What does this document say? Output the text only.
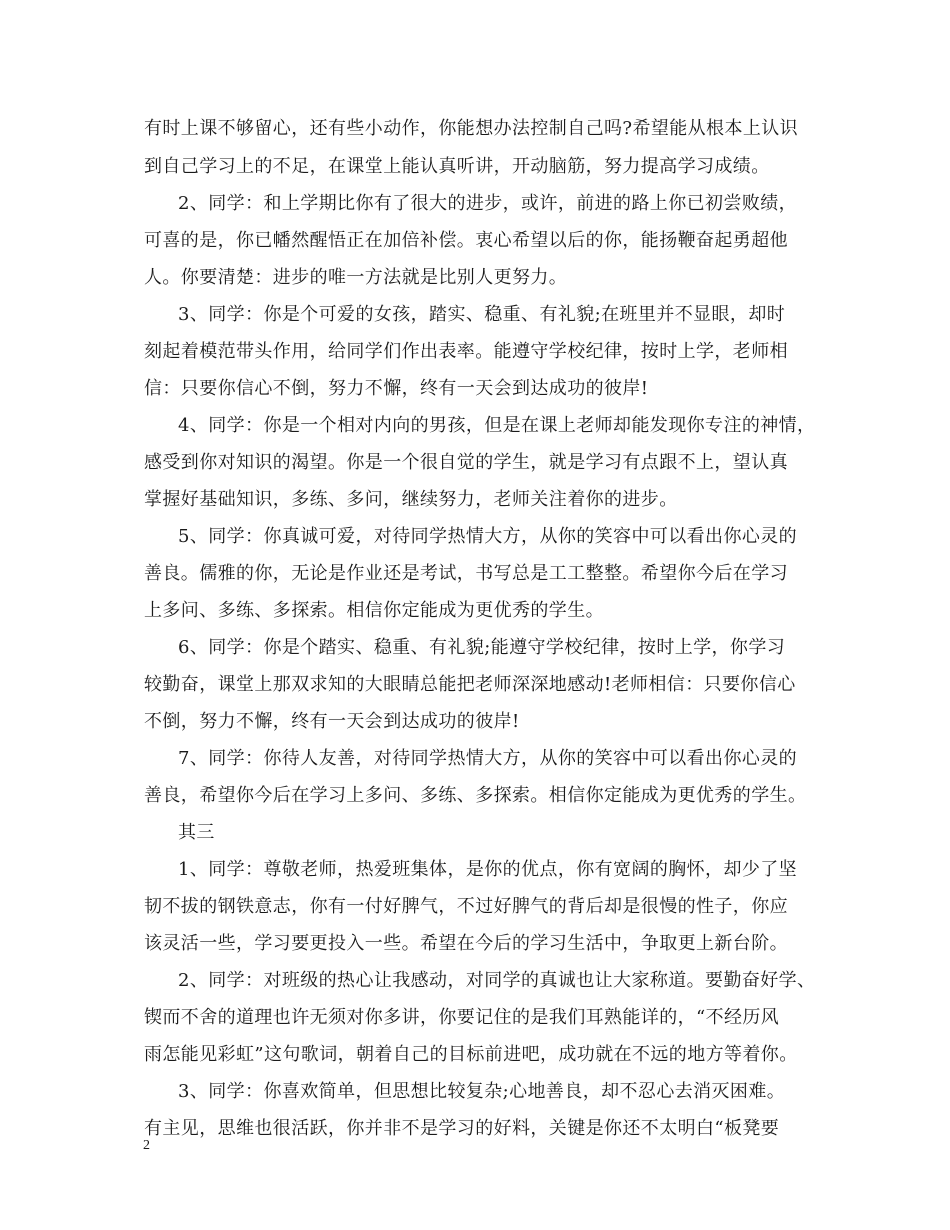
有时上课不够留心，还有些小动作，你能想办法控制自己吗?希望能从根本上认识
到自己学习上的不足，在课堂上能认真听讲，开动脑筋，努力提高学习成绩。
2、同学：和上学期比你有了很大的进步，或许，前进的路上你已初尝败绩，
可喜的是，你已幡然醒悟正在加倍补偿。衷心希望以后的你，能扬鞭奋起勇超他
人。你要清楚：进步的唯一方法就是比别人更努力。
3、同学：你是个可爱的女孩，踏实、稳重、有礼貌;在班里并不显眼，却时
刻起着模范带头作用，给同学们作出表率。能遵守学校纪律，按时上学，老师相
信：只要你信心不倒，努力不懈，终有一天会到达成功的彼岸!
4、同学：你是一个相对内向的男孩，但是在课上老师却能发现你专注的神情，
感受到你对知识的渴望。你是一个很自觉的学生，就是学习有点跟不上，望认真
掌握好基础知识，多练、多问，继续努力，老师关注着你的进步。
5、同学：你真诚可爱，对待同学热情大方，从你的笑容中可以看出你心灵的
善良。儒雅的你，无论是作业还是考试，书写总是工工整整。希望你今后在学习
上多问、多练、多探索。相信你定能成为更优秀的学生。
6、同学：你是个踏实、稳重、有礼貌;能遵守学校纪律，按时上学，你学习
较勤奋，课堂上那双求知的大眼睛总能把老师深深地感动!老师相信：只要你信心
不倒，努力不懈，终有一天会到达成功的彼岸!
7、同学：你待人友善，对待同学热情大方，从你的笑容中可以看出你心灵的
善良，希望你今后在学习上多问、多练、多探索。相信你定能成为更优秀的学生。
其三
1、同学：尊敬老师，热爱班集体，是你的优点，你有宽阔的胸怀，却少了坚
韧不拔的钢铁意志，你有一付好脾气，不过好脾气的背后却是很慢的性子，你应
该灵活一些，学习要更投入一些。希望在今后的学习生活中，争取更上新台阶。
2、同学：对班级的热心让我感动，对同学的真诚也让大家称道。要勤奋好学、
锲而不舍的道理也许无须对你多讲，你要记住的是我们耳熟能详的，“不经历风
雨怎能见彩虹”这句歌词，朝着自己的目标前进吧，成功就在不远的地方等着你。
3、同学：你喜欢简单，但思想比较复杂;心地善良，却不忍心去消灭困难。
有主见，思维也很活跃，你并非不是学习的好料，关键是你还不太明白“板凳要
2
